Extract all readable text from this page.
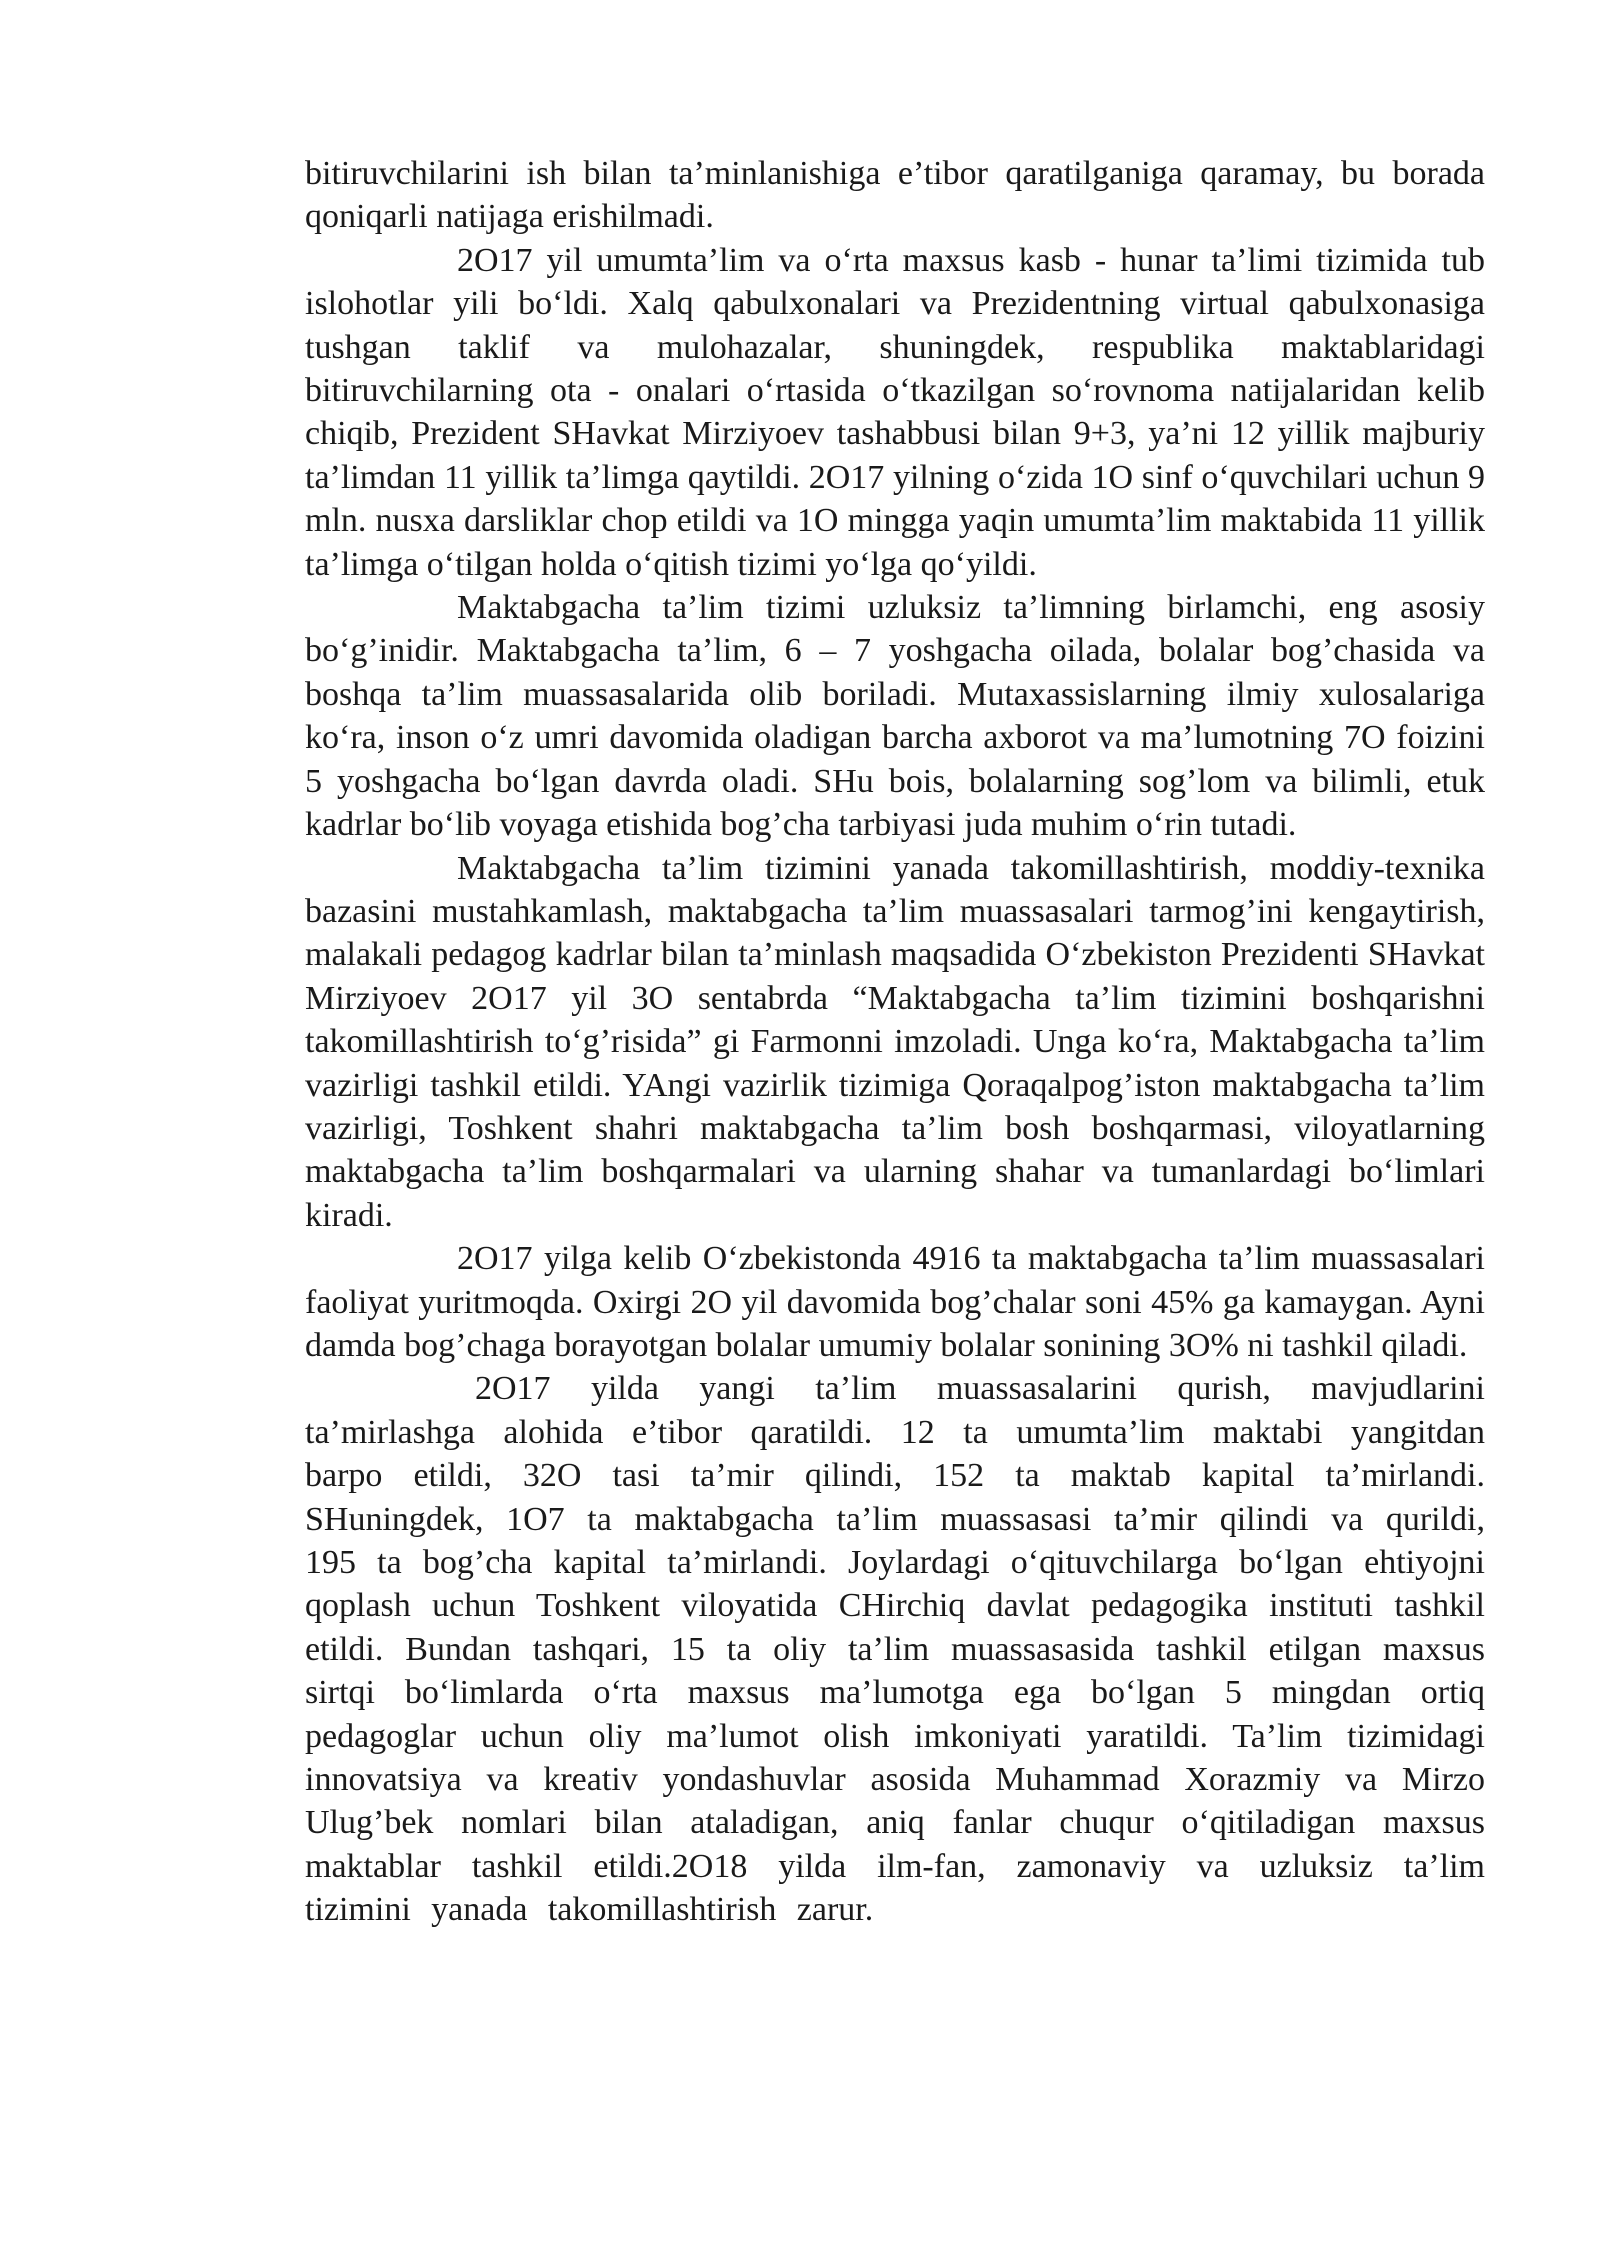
bitiruvchilarini ish bilan ta’minlanishiga e’tibor qaratilganiga qaramay, bu borada qoniqarli natijaga erishilmadi.

2O17 yil umumta’lim va o‘rta maxsus kasb - hunar ta’limi tizimida tub islohotlar yili bo‘ldi. Xalq qabulxonalari va Prezidentning virtual qabulxonasiga tushgan taklif va mulohazalar, shuningdek, respublika maktablaridagi bitiruvchilarning ota - onalari o‘rtasida o‘tkazilgan so‘rovnoma natijalaridan kelib chiqib, Prezident SHavkat Mirziyoev tashabbusi bilan 9+3, ya’ni 12 yillik majburiy ta’limdan 11 yillik ta’limga qaytildi. 2O17 yilning o‘zida 1O sinf o‘quvchilari uchun 9 mln. nusxa darsliklar chop etildi va 1O mingga yaqin umumta’lim maktabida 11 yillik ta’limga o‘tilgan holda o‘qitish tizimi yo‘lga qo‘yildi.

Maktabgacha ta’lim tizimi uzluksiz ta’limning birlamchi, eng asosiy bo‘g’inidir. Maktabgacha ta’lim, 6 – 7 yoshgacha oilada, bolalar bog’chasida va boshqa ta’lim muassasalarida olib boriladi. Mutaxassislarning ilmiy xulosalariga ko‘ra, inson o‘z umri davomida oladigan barcha axborot va ma’lumotning 7O foizini 5 yoshgacha bo‘lgan davrda oladi. SHu bois, bolalarning sog’lom va bilimli, etuk kadrlar bo‘lib voyaga etishida bog’cha tarbiyasi juda muhim o‘rin tutadi.

Maktabgacha ta’lim tizimini yanada takomillashtirish, moddiy-texnika bazasini mustahkamlash, maktabgacha ta’lim muassasalari tarmog’ini kengaytirish, malakali pedagog kadrlar bilan ta’minlash maqsadida O‘zbekiston Prezidenti SHavkat Mirziyoev 2O17 yil 3O sentabrda “Maktabgacha ta’lim tizimini boshqarishni takomillashtirish to‘g’risida” gi Farmonni imzoladi. Unga ko‘ra, Maktabgacha ta’lim vazirligi tashkil etildi. YAngi vazirlik tizimiga Qoraqalpog’iston maktabgacha ta’lim vazirligi, Toshkent shahri maktabgacha ta’lim bosh boshqarmasi, viloyatlarning maktabgacha ta’lim boshqarmalari va ularning shahar va tumanlardagi bo‘limlari kiradi.

2O17 yilga kelib O‘zbekistonda 4916 ta maktabgacha ta’lim muassasalari faoliyat yuritmoqda. Oxirgi 2O yil davomida bog’chalar soni 45% ga kamaygan. Ayni damda bog’chaga borayotgan bolalar umumiy bolalar sonining 3O% ni tashkil qiladi.

2O17 yilda yangi ta’lim muassasalarini qurish, mavjudlarini ta’mirlashga alohida e’tibor qaratildi. 12 ta umumta’lim maktabi yangitdan barpo etildi, 32O tasi ta’mir qilindi, 152 ta maktab kapital ta’mirlandi. SHuningdek, 1O7 ta maktabgacha ta’lim muassasasi ta’mir qilindi va qurildi, 195 ta bog’cha kapital ta’mirlandi. Joylardagi o‘qituvchilarga bo‘lgan ehtiyojni qoplash uchun Toshkent viloyatida CHirchiq davlat pedagogika instituti tashkil etildi. Bundan tashqari, 15 ta oliy ta’lim muassasasida tashkil etilgan maxsus sirtqi bo‘limlarda o‘rta maxsus ma’lumotga ega bo‘lgan 5 mingdan ortiq pedagoglar uchun oliy ma’lumot olish imkoniyati yaratildi. Ta’lim tizimidagi innovatsiya va kreativ yondashuvlar asosida Muhammad Xorazmiy va Mirzo Ulug’bek nomlari bilan ataladigan, aniq fanlar chuqur o‘qitiladigan maxsus maktablar tashkil etildi.2O18 yilda ilm-fan, zamonaviy va uzluksiz ta’lim tizimini yanada takomillashtirish zarur.
